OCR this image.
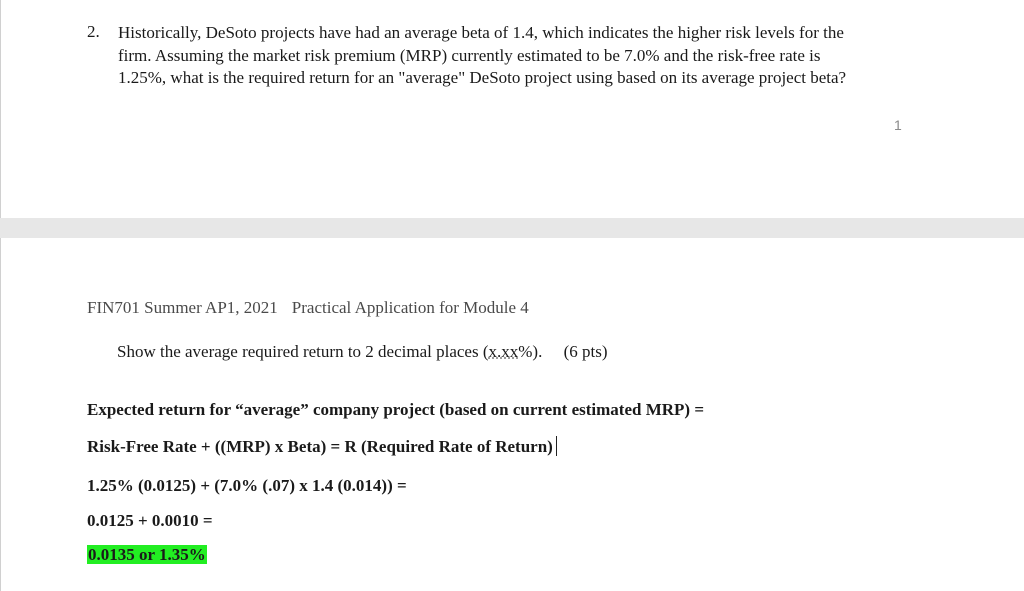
2. Historically, DeSoto projects have had an average beta of 1.4, which indicates the higher risk levels for the
firm. Assuming the market risk premium (MRP) currently estimated to be 7.0% and the risk-free rate is
1.25%, what is the required return for an "average" DeSoto project using based on its average project beta?
1
FIN701 Summer AP1, 2021 Practical Application for Module 4
Show the average required return to 2 decimal places (x.xx%). (6 pts)
Expected return for “average” company project (based on current estimated MRP) =
Risk-Free Rate + ((MRP) x Beta) = R (Required Rate of Return)
1.25% (0.0125) + (7.0% (.07) x 1.4 (0.014)) =
0.0125 + 0.0010 =
0.0135 or 1.35%
